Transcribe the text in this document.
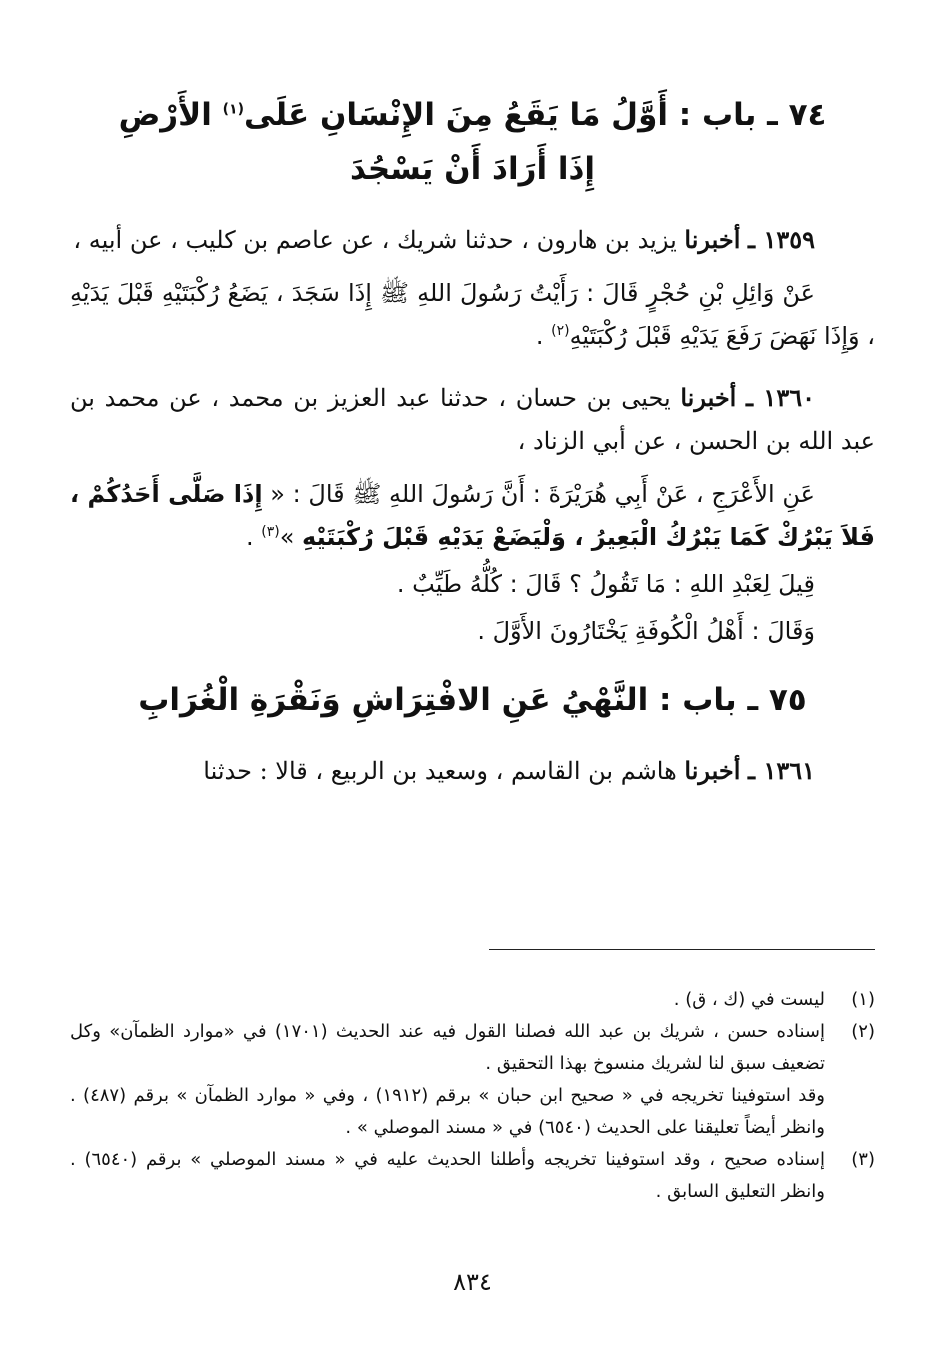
٧٤ ـ باب : أَوَّلُ مَا يَقَعُ مِنَ الإِنْسَانِ عَلَى$^{(١)}$ الأَرْضِ
إِذَا أَرَادَ أَنْ يَسْجُدَ

١٣٥٩ ـ أخبرنا يزيد بن هارون ، حدثنا شريك ، عن عاصم بن كليب ، عن أبيه ،

عَنْ وَائِلِ بْنِ حُجْرٍ قَالَ : رَأَيْتُ رَسُولَ اللهِ ﷺ إِذَا سَجَدَ ، يَضَعُ رُكْبَتَيْهِ قَبْلَ يَدَيْهِ ، وَإِذَا نَهَضَ رَفَعَ يَدَيْهِ قَبْلَ رُكْبَتَيْهِ$^{(٢)}$ .

١٣٦٠ ـ أخبرنا يحيى بن حسان ، حدثنا عبد العزيز بن محمد ، عن محمد بن عبد الله بن الحسن ، عن أبي الزناد ،

عَنِ الأَعْرَجِ ، عَنْ أَبِي هُرَيْرَةَ : أَنَّ رَسُولَ اللهِ ﷺ قَالَ : « إِذَا صَلَّى أَحَدُكُمْ ، فَلاَ يَبْرُكْ كَمَا يَبْرُكُ الْبَعِيرُ ، وَلْيَضَعْ يَدَيْهِ قَبْلَ رُكْبَتَيْهِ »$^{(٣)}$ .

قِيلَ لِعَبْدِ اللهِ : مَا تَقُولُ ؟ قَالَ : كُلُّهُ طَيِّبٌ .

وَقَالَ : أَهْلُ الْكُوفَةِ يَخْتَارُونَ الأَوَّلَ .

٧٥ ـ باب : النَّهْيُ عَنِ الافْتِرَاشِ وَنَقْرَةِ الْغُرَابِ

١٣٦١ ـ أخبرنا هاشم بن القاسم ، وسعيد بن الربيع ، قالا : حدثنا

(١)
ليست في (ك ، ق) .
(٢)
إسناده حسن ، شريك بن عبد الله فصلنا القول فيه عند الحديث (١٧٠١) في «موارد الظمآن» وكل تضعيف سبق لنا لشريك منسوخ بهذا التحقيق .
وقد استوفينا تخريجه في « صحيح ابن حبان » برقم (١٩١٢) ، وفي « موارد الظمآن » برقم (٤٨٧) . وانظر أيضاً تعليقنا على الحديث (٦٥٤٠) في « مسند الموصلي » .
(٣)
إسناده صحيح ، وقد استوفينا تخريجه وأطلنا الحديث عليه في « مسند الموصلي » برقم (٦٥٤٠) . وانظر التعليق السابق .
٨٣٤
